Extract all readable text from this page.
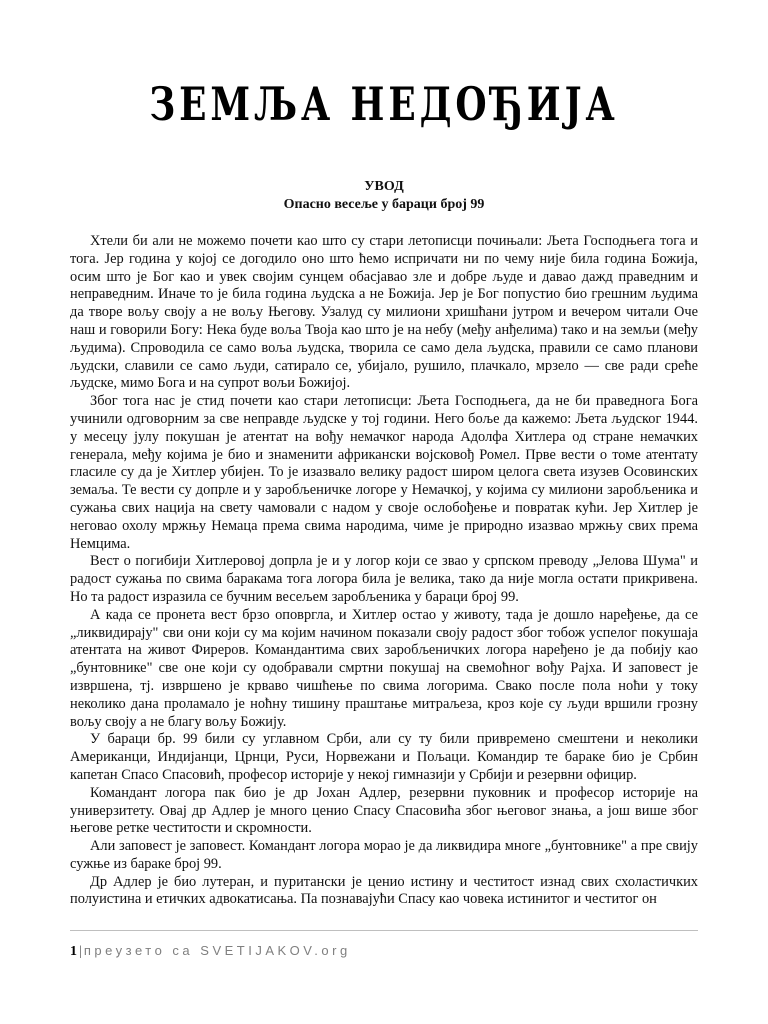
ЗЕМЉА НЕДОЂИЈА
УВОД
Опасно весеље у бараци број 99

Хтели би али не можемо почети као што су стари летописци почињали: Љета Господњега тога и тога. Јер година у којој се догодило оно што ћемо испричати ни по чему није била година Божија, осим што је Бог као и увек својим сунцем обасјавао зле и добре људе и давао дажд праведним и неправедним. Иначе то је била година људска а не Божија. Јер је Бог попустио био грешним људима да творе вољу своју а не вољу Његову. Узалуд су милиони хришћани јутром и вечером читали Оче наш и говорили Богу: Нека буде воља Твоја као што је на небу (међу анђелима) тако и на земљи (међу људима). Спроводила се само воља људска, творила се само дела људска, правили се само планови људски, славили се само људи, сатирало се, убијало, рушило, плачкало, мрзело — све ради среће људске, мимо Бога и на супрот вољи Божијој.

Због тога нас је стид почети као стари летописци: Љета Господњега, да не би праведнога Бога учинили одговорним за све неправде људске у тој години. Него боље да кажемо: Љета људског 1944. у месецу јулу покушан је атентат на вођу немачког народа Адолфа Хитлера од стране немачких генерала, међу којима је био и знаменити африкански војсковођ Ромел. Прве вести о томе атентату гласиле су да је Хитлер убијен. То је изазвало велику радост широм целога света изузев Осовинских земаља. Те вести су допрле и у заробљеничке логоре у Немачкој, у којима су милиони заробљеника и сужања свих нација на свету чамовали с надом у своје ослобођење и повратак кући. Јер Хитлер је неговао охолу мржњу Немаца према свима народима, чиме је природно изазвао мржњу свих према Немцима.

Вест о погибији Хитлеровој допрла је и у логор који се звао у српском преводу „Јелова Шума" и радост сужања по свима баракама тога логора била је велика, тако да није могла остати прикривена. Но та радост изразила се бучним весељем заробљеника у бараци број 99.

А када се пронета вест брзо оповргла, и Хитлер остао у животу, тада је дошло наређење, да се „ликвидирају" сви они који су ма којим начином показали своју радост због тобож успелог покушаја атентата на живот Фиреров. Командантима свих заробљеничких логора наређено је да побију као „бунтовнике" све оне који су одобравали смртни покушај на свемоћног вођу Рајха. И заповест је извршена, тј. извршено је крваво чишћење по свима логорима. Свако после пола ноћи у току неколико дана проламало је ноћну тишину праштање митраљеза, кроз које су људи вршили грозну вољу своју а не благу вољу Божију.

У бараци бр. 99 били су углавном Срби, али су ту били привремено смештени и неколики Американци, Индијанци, Црнци, Руси, Норвежани и Пољаци. Командир те бараке био је Србин капетан Спасо Спасовић, професор историје у некој гимназији у Србији и резервни официр.

Командант логора пак био је др Јохан Адлер, резервни пуковник и професор историје на универзитету. Овај др Адлер је много ценио Спасу Спасовића због његовог знања, а још више због његове ретке честитости и скромности.

Али заповест је заповест. Командант логора морао је да ликвидира многе „бунтовнике" а пре свију сужње из бараке број 99.

Др Адлер је био лутеран, и пуритански је ценио истину и честитост изнад свих схоластичких полуистина и етичких адвокатисања. Па познавајући Спасу као човека истинитог и честитог он

1 | преузето са SVETIJAKOV.org
